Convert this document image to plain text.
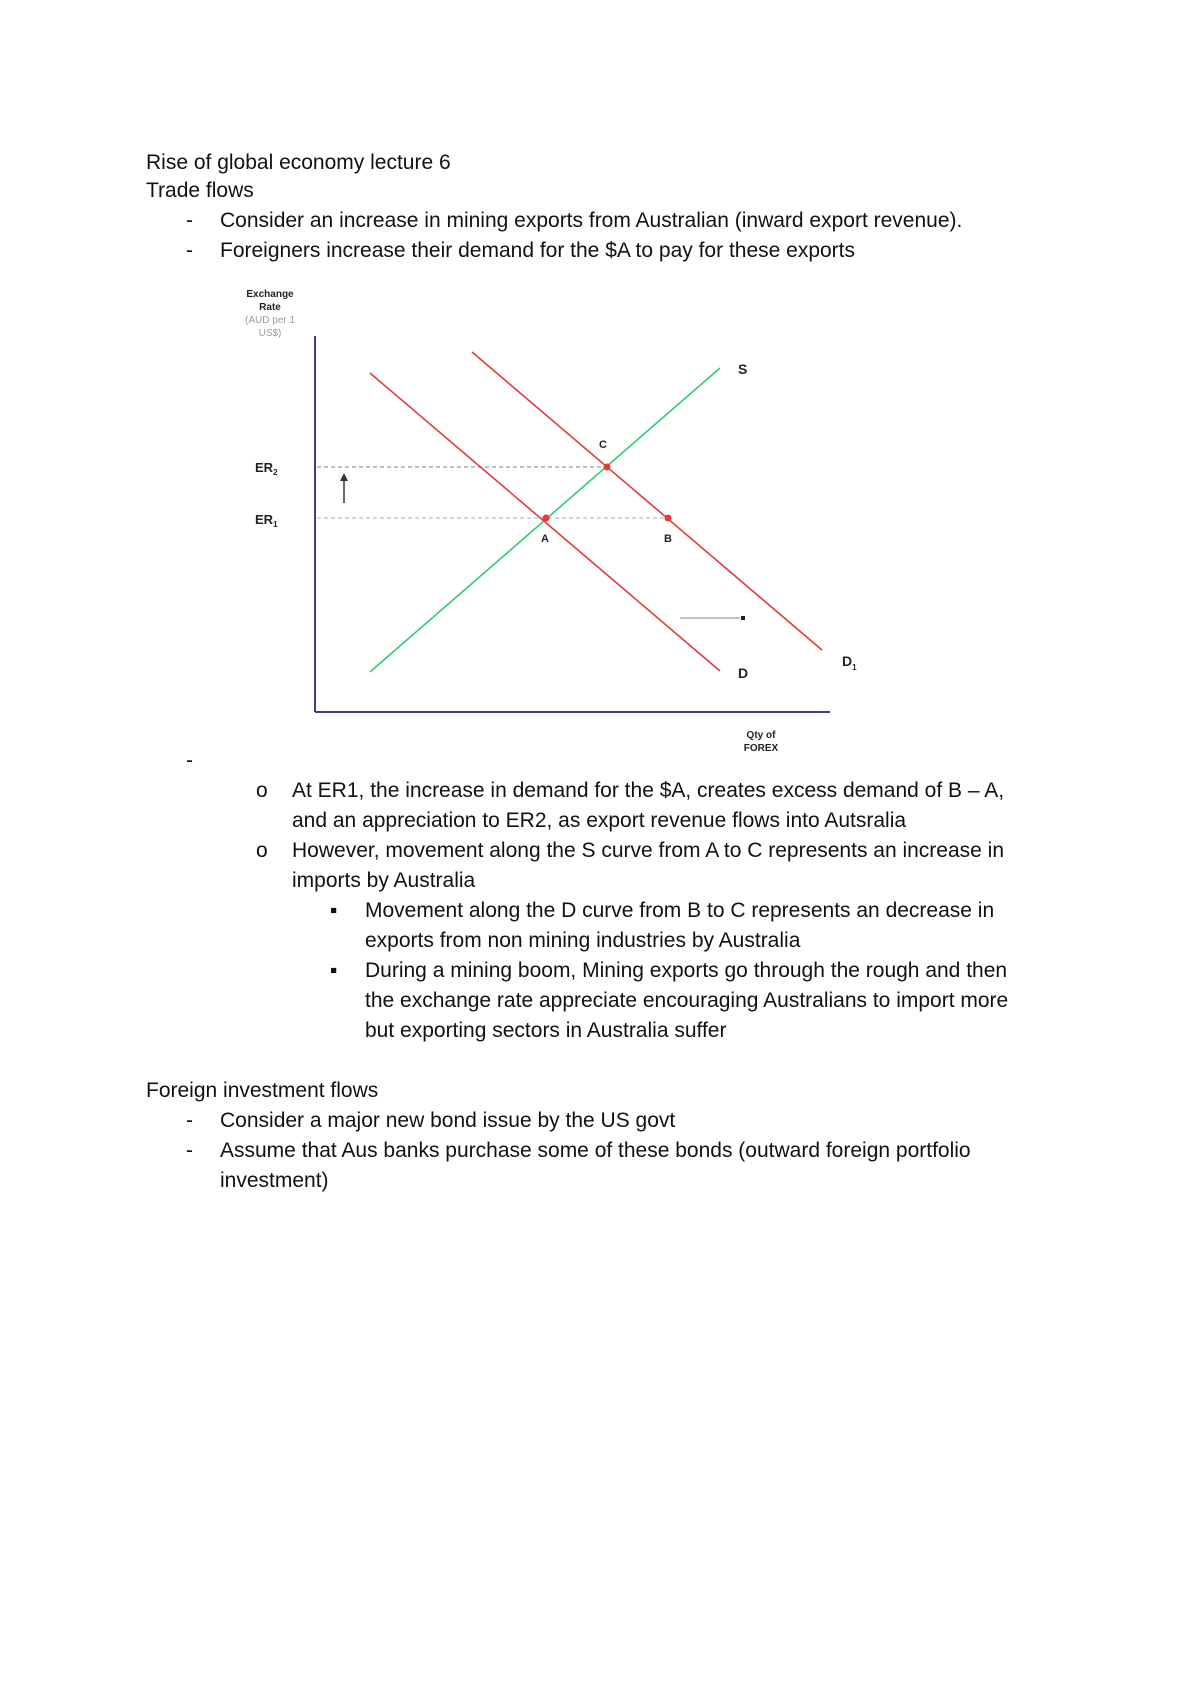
Rise of global economy lecture 6
Trade flows
- Consider an increase in mining exports from Australian (inward export revenue).
- Foreigners increase their demand for the $A to pay for these exports
Exchange
Rate
(AUD per 1
US$)
S
D
$D_1$
C
A	B
$ER_2$
$ER_1$
Qty of
FOREX
-
o At ER1, the increase in demand for the $A, creates excess demand of B – A,
and an appreciation to ER2, as export revenue flows into Autsralia
o However, movement along the S curve from A to C represents an increase in
imports by Australia
▪ Movement along the D curve from B to C represents an decrease in
exports from non mining industries by Australia
▪ During a mining boom, Mining exports go through the rough and then
the exchange rate appreciate encouraging Australians to import more
but exporting sectors in Australia suffer
Foreign investment flows
- Consider a major new bond issue by the US govt
- Assume that Aus banks purchase some of these bonds (outward foreign portfolio
investment)
